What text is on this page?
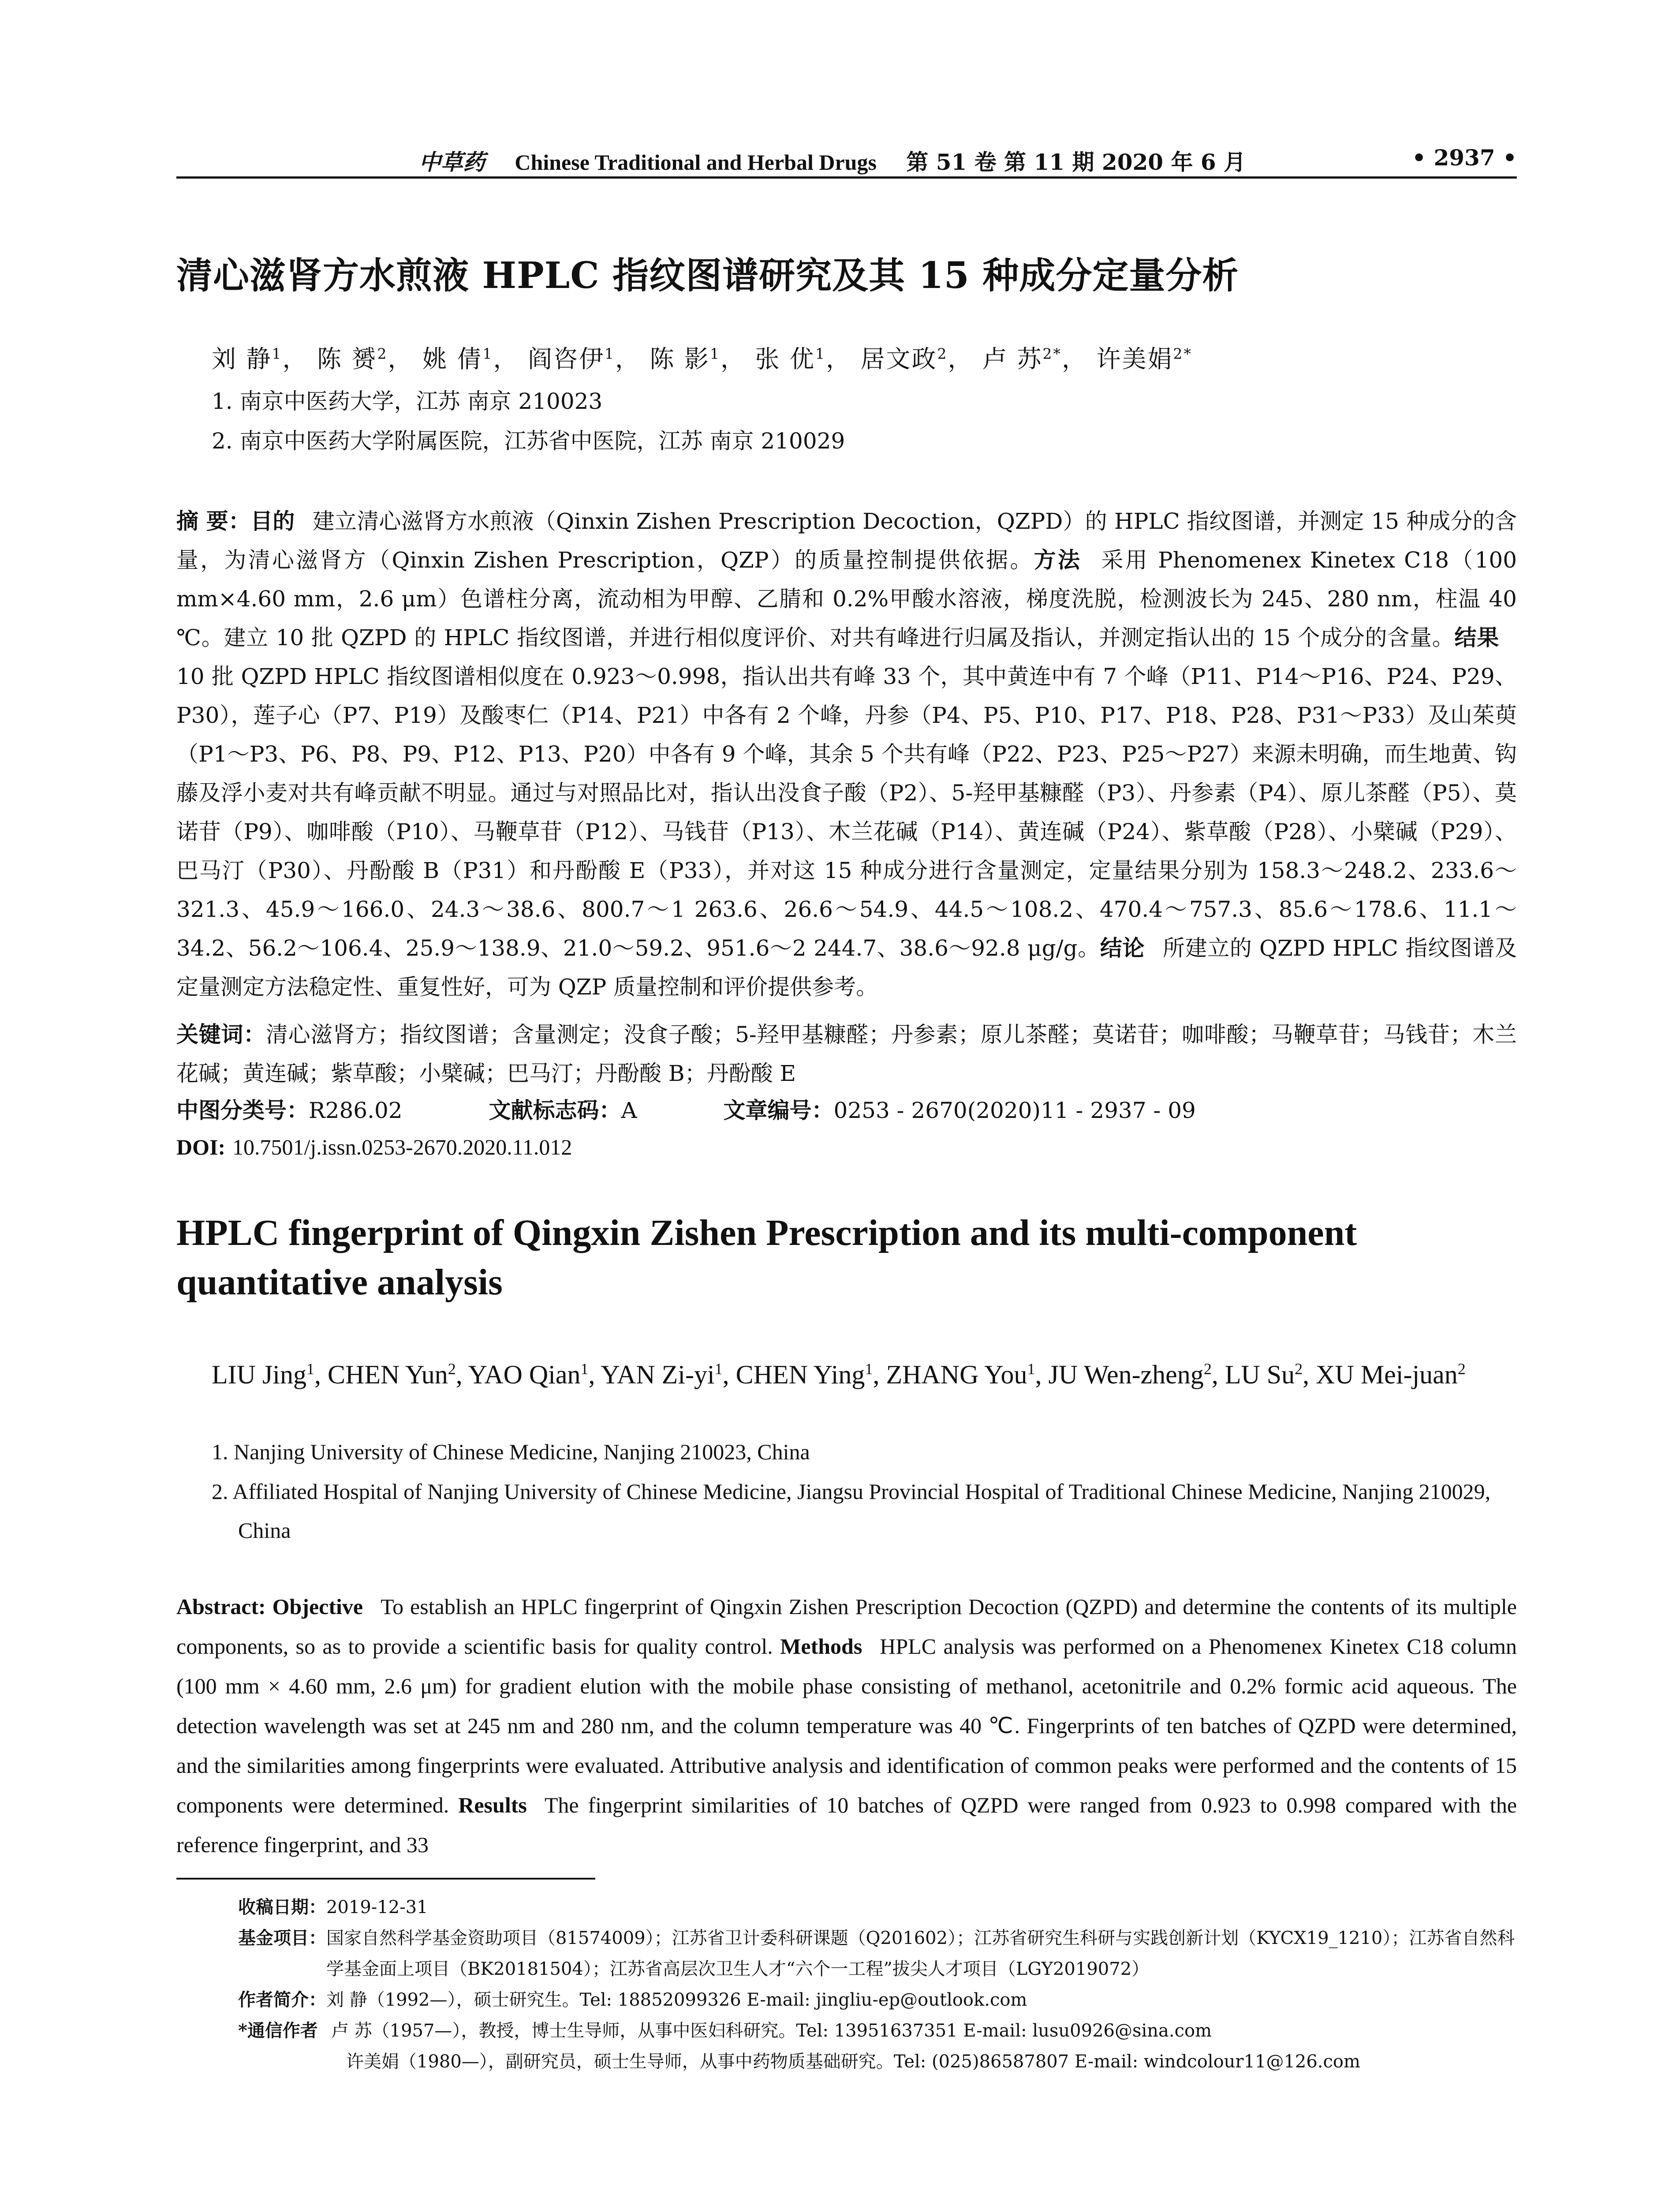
中草药 Chinese Traditional and Herbal Drugs 第 51 卷 第 11 期 2020 年 6 月	• 2937 •
清心滋肾方水煎液 HPLC 指纹图谱研究及其 15 种成分定量分析
刘 静$^1$， 陈 赟$^2$， 姚 倩$^1$， 阎咨伊$^1$， 陈 影$^1$， 张 优$^1$， 居文政$^2$， 卢 苏$^{2*}$， 许美娟$^{2*}$
1. 南京中医药大学，江苏 南京 210023
2. 南京中医药大学附属医院，江苏省中医院，江苏 南京 210029
摘 要：目的 建立清心滋肾方水煎液（Qinxin Zishen Prescription Decoction，QZPD）的 HPLC 指纹图谱，并测定 15 种成分的含量，为清心滋肾方（Qinxin Zishen Prescription，QZP）的质量控制提供依据。方法 采用 Phenomenex Kinetex C18（100 mm×4.60 mm，2.6 μm）色谱柱分离，流动相为甲醇、乙腈和 0.2%甲酸水溶液，梯度洗脱，检测波长为 245、280 nm，柱温 40 ℃。建立 10 批 QZPD 的 HPLC 指纹图谱，并进行相似度评价、对共有峰进行归属及指认，并测定指认出的 15 个成分的含量。结果10 批 QZPD HPLC 指纹图谱相似度在 0.923～0.998，指认出共有峰 33 个，其中黄连中有 7 个峰（P11、P14～P16、P24、P29、P30），莲子心（P7、P19）及酸枣仁（P14、P21）中各有 2 个峰，丹参（P4、P5、P10、P17、P18、P28、P31～P33）及山茱萸（P1～P3、P6、P8、P9、P12、P13、P20）中各有 9 个峰，其余 5 个共有峰（P22、P23、P25～P27）来源未明确，而生地黄、钩藤及浮小麦对共有峰贡献不明显。通过与对照品比对，指认出没食子酸（P2）、5-羟甲基糠醛（P3）、丹参素（P4）、原儿茶醛（P5）、莫诺苷（P9）、咖啡酸（P10）、马鞭草苷（P12）、马钱苷（P13）、木兰花碱（P14）、黄连碱（P24）、紫草酸（P28）、小檗碱（P29）、巴马汀（P30）、丹酚酸 B（P31）和丹酚酸 E（P33），并对这 15 种成分进行含量测定，定量结果分别为 158.3～248.2、233.6～321.3、45.9～166.0、24.3～38.6、800.7～1 263.6、26.6～54.9、44.5～108.2、470.4～757.3、85.6～178.6、11.1～34.2、56.2～106.4、25.9～138.9、21.0～59.2、951.6～2 244.7、38.6～92.8 μg/g。结论 所建立的 QZPD HPLC 指纹图谱及定量测定方法稳定性、重复性好，可为 QZP 质量控制和评价提供参考。
关键词：清心滋肾方；指纹图谱；含量测定；没食子酸；5-羟甲基糠醛；丹参素；原儿茶醛；莫诺苷；咖啡酸；马鞭草苷；马钱苷；木兰花碱；黄连碱；紫草酸；小檗碱；巴马汀；丹酚酸 B；丹酚酸 E
中图分类号：R286.02	文献标志码：A	文章编号：0253 - 2670(2020)11 - 2937 - 09
DOI: 10.7501/j.issn.0253-2670.2020.11.012
HPLC fingerprint of Qingxin Zishen Prescription and its multi-component quantitative analysis
LIU Jing$^1$, CHEN Yun$^2$, YAO Qian$^1$, YAN $Zi-yi^1$, CHEN Ying$^1$, ZHANG You$^1$, JU Wen-zheng$^2$, LU Su$^2$, XU Mei-juan$^2$
1. Nanjing University of Chinese Medicine, Nanjing 210023, China
2. Affiliated Hospital of Nanjing University of Chinese Medicine, Jiangsu Provincial Hospital of Traditional Chinese Medicine, Nanjing 210029, China
Abstract: Objective To establish an HPLC fingerprint of Qingxin Zishen Prescription Decoction (QZPD) and determine the contents of its multiple components, so as to provide a scientific basis for quality control. Methods HPLC analysis was performed on a Phenomenex Kinetex C18 column (100 mm × 4.60 mm, 2.6 μm) for gradient elution with the mobile phase consisting of methanol, acetonitrile and 0.2% formic acid aqueous. The detection wavelength was set at 245 nm and 280 nm, and the column temperature was 40 ℃. Fingerprints of ten batches of QZPD were determined, and the similarities among fingerprints were evaluated. Attributive analysis and identification of common peaks were performed and the contents of 15 components were determined. Results The fingerprint similarities of 10 batches of QZPD were ranged from 0.923 to 0.998 compared with the reference fingerprint, and 33
收稿日期： 2019-12-31
基金项目： 国家自然科学基金资助项目（81574009）；江苏省卫计委科研课题（Q201602）；江苏省研究生科研与实践创新计划（KYCX19_1210）；江苏省自然科学基金面上项目（BK20181504）；江苏省高层次卫生人才“六个一工程”拔尖人才项目（LGY2019072）
作者简介： 刘 静（1992—），硕士研究生。Tel: 18852099326 E-mail: jingliu-ep@outlook.com
*通信作者 卢 苏（1957—），教授，博士生导师，从事中医妇科研究。Tel: 13951637351 E-mail: lusu0926@sina.com
许美娟（1980—），副研究员，硕士生导师，从事中药物质基础研究。Tel: (025)86587807 E-mail: windcolour11@126.com
